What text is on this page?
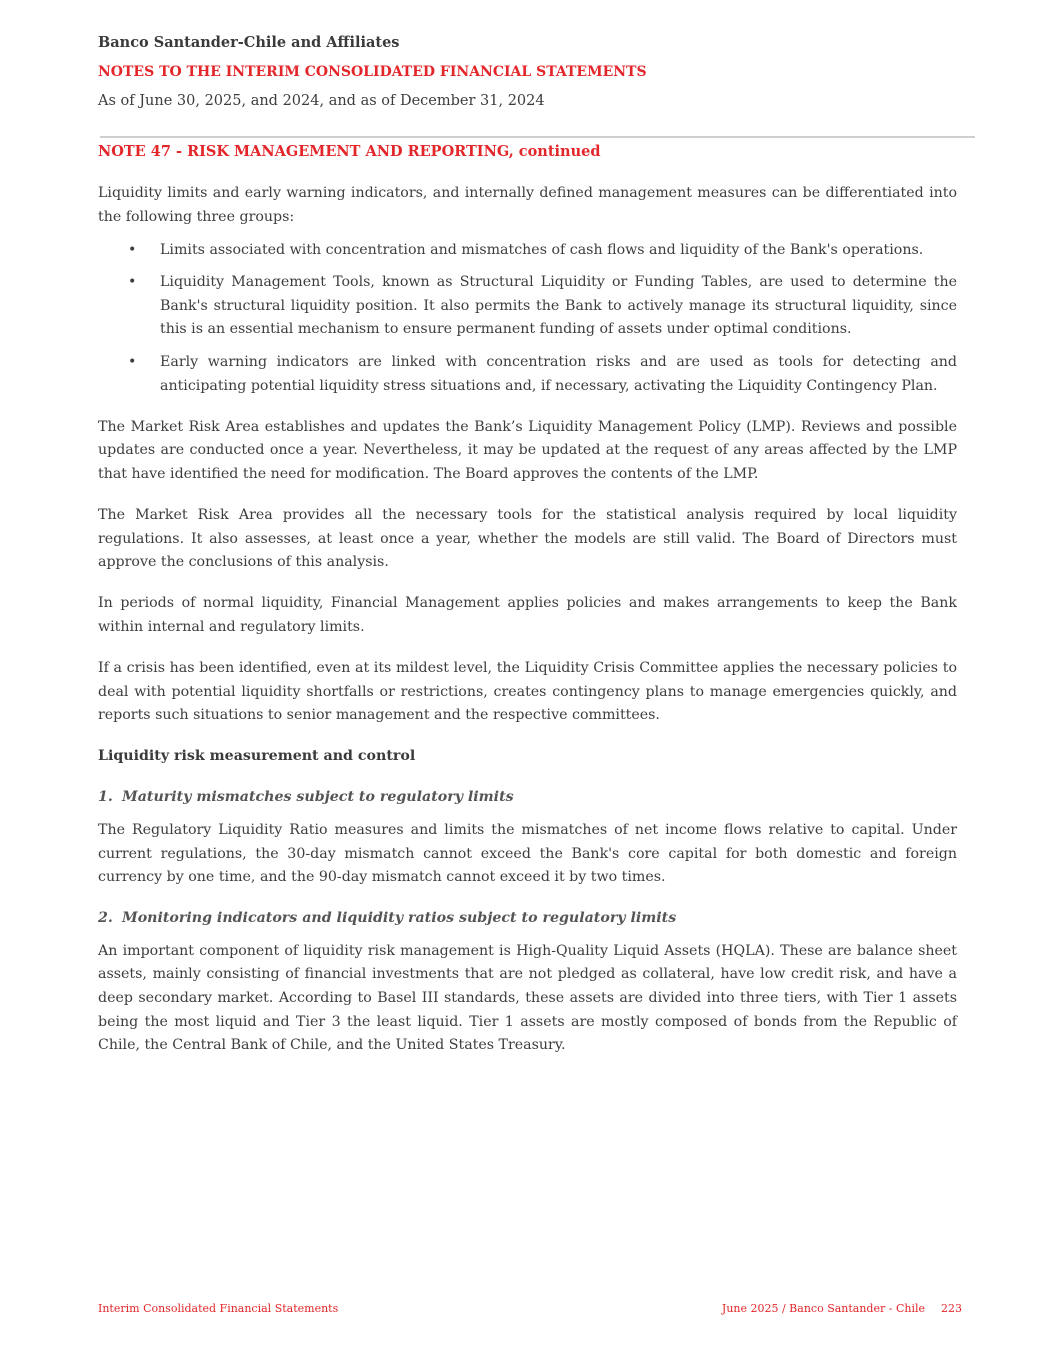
Banco Santander-Chile and Affiliates
NOTES TO THE INTERIM CONSOLIDATED FINANCIAL STATEMENTS
As of June 30, 2025, and 2024, and as of December 31, 2024
NOTE 47 - RISK MANAGEMENT AND REPORTING, continued

Liquidity limits and early warning indicators, and internally defined management measures can be differentiated into the following three groups:

• Limits associated with concentration and mismatches of cash flows and liquidity of the Bank's operations.
• Liquidity Management Tools, known as Structural Liquidity or Funding Tables, are used to determine the Bank's structural liquidity position. It also permits the Bank to actively manage its structural liquidity, since this is an essential mechanism to ensure permanent funding of assets under optimal conditions.
• Early warning indicators are linked with concentration risks and are used as tools for detecting and anticipating potential liquidity stress situations and, if necessary, activating the Liquidity Contingency Plan.

The Market Risk Area establishes and updates the Bank’s Liquidity Management Policy (LMP). Reviews and possible updates are conducted once a year. Nevertheless, it may be updated at the request of any areas affected by the LMP that have identified the need for modification. The Board approves the contents of the LMP.

The Market Risk Area provides all the necessary tools for the statistical analysis required by local liquidity regulations. It also assesses, at least once a year, whether the models are still valid. The Board of Directors must approve the conclusions of this analysis.

In periods of normal liquidity, Financial Management applies policies and makes arrangements to keep the Bank within internal and regulatory limits.

If a crisis has been identified, even at its mildest level, the Liquidity Crisis Committee applies the necessary policies to deal with potential liquidity shortfalls or restrictions, creates contingency plans to manage emergencies quickly, and reports such situations to senior management and the respective committees.

Liquidity risk measurement and control
1. Maturity mismatches subject to regulatory limits

The Regulatory Liquidity Ratio measures and limits the mismatches of net income flows relative to capital. Under current regulations, the 30-day mismatch cannot exceed the Bank's core capital for both domestic and foreign currency by one time, and the 90-day mismatch cannot exceed it by two times.

2. Monitoring indicators and liquidity ratios subject to regulatory limits

An important component of liquidity risk management is High-Quality Liquid Assets (HQLA). These are balance sheet assets, mainly consisting of financial investments that are not pledged as collateral, have low credit risk, and have a deep secondary market. According to Basel III standards, these assets are divided into three tiers, with Tier 1 assets being the most liquid and Tier 3 the least liquid. Tier 1 assets are mostly composed of bonds from the Republic of Chile, the Central Bank of Chile, and the United States Treasury.

Interim Consolidated Financial Statements	June 2025 / Banco Santander - Chile 223
